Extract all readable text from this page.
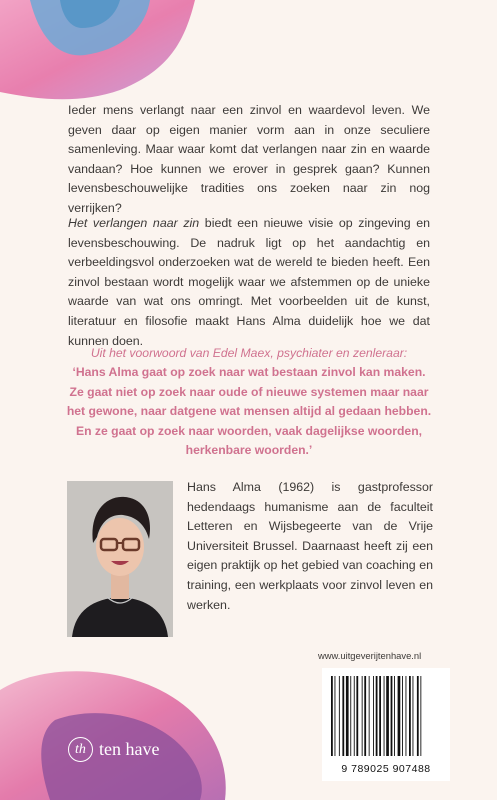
Ieder mens verlangt naar een zinvol en waardevol leven. We geven daar op eigen manier vorm aan in onze seculiere samenleving. Maar waar komt dat verlangen naar zin en waarde vandaan? Hoe kunnen we erover in gesprek gaan? Kunnen levensbeschouwelijke tradities ons zoeken naar zin nog verrijken?

Het verlangen naar zin biedt een nieuwe visie op zingeving en levensbeschouwing. De nadruk ligt op het aandachtig en verbeeldingsvol onderzoeken wat de wereld te bieden heeft. Een zinvol bestaan wordt mogelijk waar we afstemmen op de unieke waarde van wat ons omringt. Met voorbeelden uit de kunst, literatuur en filosofie maakt Hans Alma duidelijk hoe we dat kunnen doen.

Uit het voorwoord van Edel Maex, psychiater en zenleraar:
‘Hans Alma gaat op zoek naar wat bestaan zinvol kan maken. Ze gaat niet op zoek naar oude of nieuwe systemen maar naar het gewone, naar datgene wat mensen altijd al gedaan hebben. En ze gaat op zoek naar woorden, vaak dagelijkse woorden, herkenbare woorden.’

Hans Alma (1962) is gastprofessor hedendaags humanisme aan de faculteit Letteren en Wijsbegeerte van de Vrije Universiteit Brussel. Daarnaast heeft zij een eigen praktijk op het gebied van coaching en training, een werkplaats voor zinvol leven en werken.

www.uitgeverijtenhave.nl
9 789025 907488
th ten have
